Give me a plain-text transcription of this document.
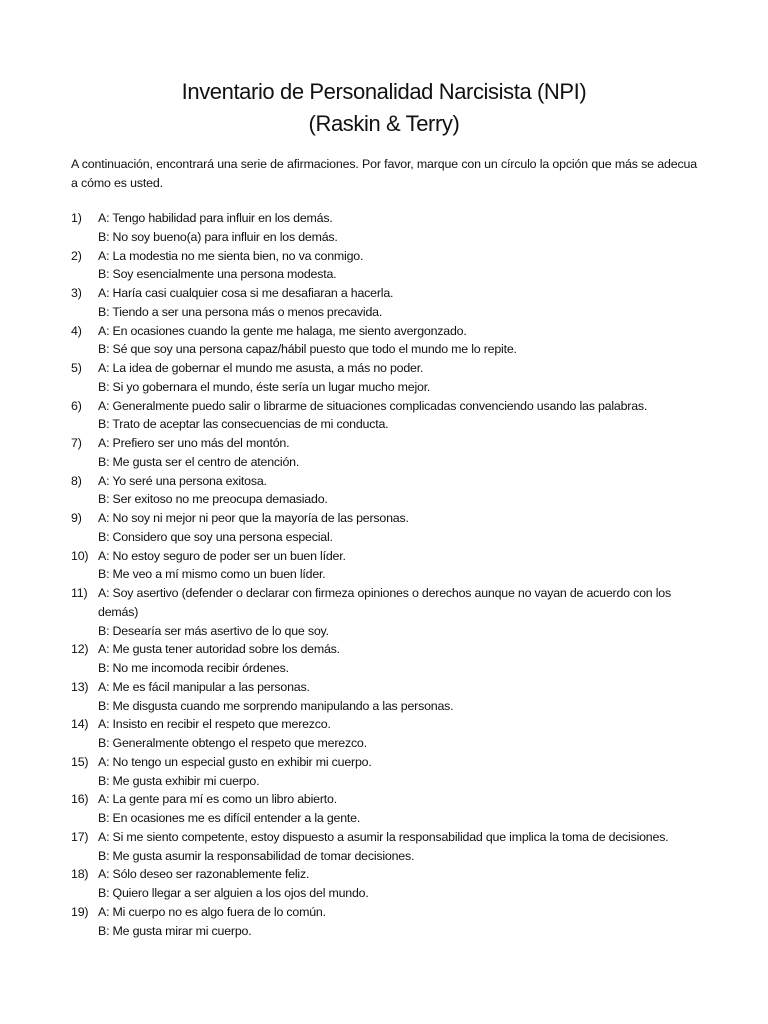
Inventario de Personalidad Narcisista (NPI)
(Raskin & Terry)
A continuación, encontrará una serie de afirmaciones. Por favor, marque con un círculo la opción que más se adecua a cómo es usted.
1)	A: Tengo habilidad para influir en los demás.
B: No soy bueno(a) para influir en los demás.
2)	A: La modestia no me sienta bien, no va conmigo.
B: Soy esencialmente una persona modesta.
3)	A: Haría casi cualquier cosa si me desafiaran a hacerla.
B: Tiendo a ser una persona más o menos precavida.
4)	A: En ocasiones cuando la gente me halaga, me siento avergonzado.
B: Sé que soy una persona capaz/hábil puesto que todo el mundo me lo repite.
5)	A: La idea de gobernar el mundo me asusta, a más no poder.
B: Si yo gobernara el mundo, éste sería un lugar mucho mejor.
6)	A: Generalmente puedo salir o librarme de situaciones complicadas convenciendo usando las palabras.
B: Trato de aceptar las consecuencias de mi conducta.
7)	A: Prefiero ser uno más del montón.
B: Me gusta ser el centro de atención.
8)	A: Yo seré una persona exitosa.
B: Ser exitoso no me preocupa demasiado.
9)	A: No soy ni mejor ni peor que la mayoría de las personas.
B: Considero que soy una persona especial.
10) A: No estoy seguro de poder ser un buen líder.
B: Me veo a mí mismo como un buen líder.
11) A: Soy asertivo (defender o declarar con firmeza opiniones o derechos aunque no vayan de acuerdo con los
demás)
B: Desearía ser más asertivo de lo que soy.
12) A: Me gusta tener autoridad sobre los demás.
B: No me incomoda recibir órdenes.
13) A: Me es fácil manipular a las personas.
B: Me disgusta cuando me sorprendo manipulando a las personas.
14) A: Insisto en recibir el respeto que merezco.
B: Generalmente obtengo el respeto que merezco.
15) A: No tengo un especial gusto en exhibir mi cuerpo.
B: Me gusta exhibir mi cuerpo.
16) A: La gente para mí es como un libro abierto.
B: En ocasiones me es difícil entender a la gente.
17) A: Si me siento competente, estoy dispuesto a asumir la responsabilidad que implica la toma de decisiones.
B: Me gusta asumir la responsabilidad de tomar decisiones.
18) A: Sólo deseo ser razonablemente feliz.
B: Quiero llegar a ser alguien a los ojos del mundo.
19) A: Mi cuerpo no es algo fuera de lo común.
B: Me gusta mirar mi cuerpo.
